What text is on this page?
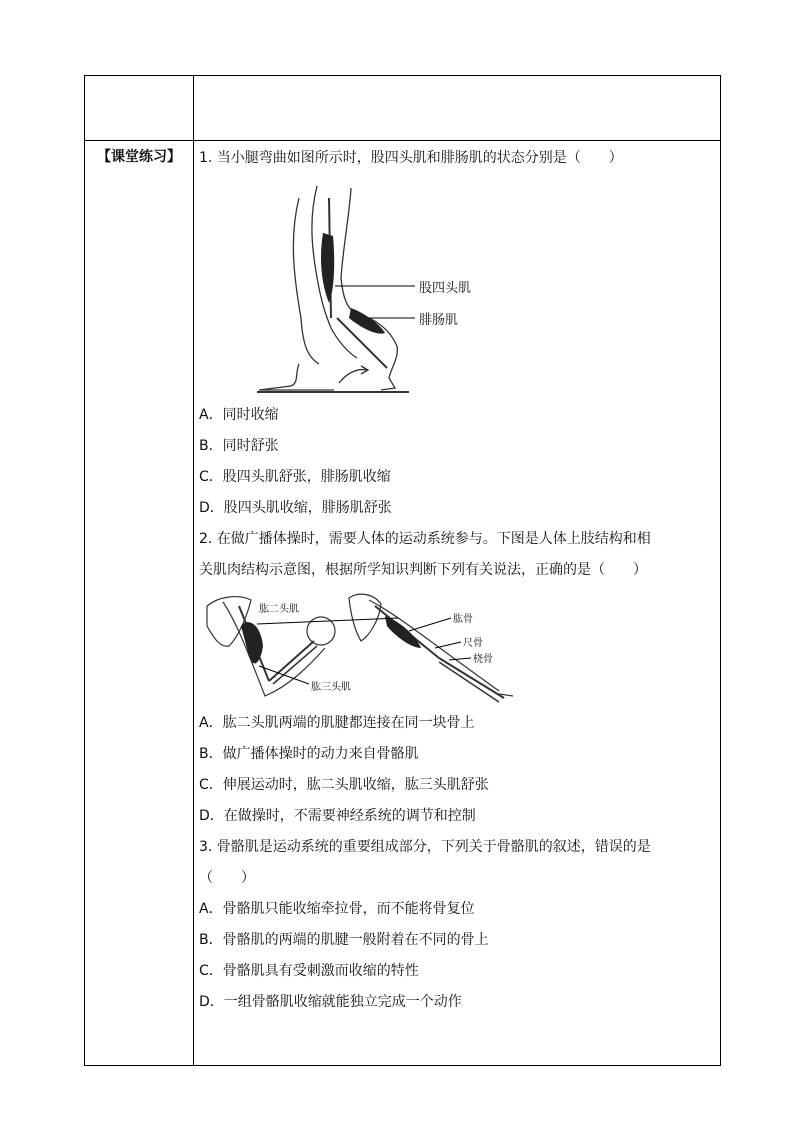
【课堂练习】	1. 当小腿弯曲如图所示时，股四头肌和腓肠肌的状态分别是（　　）
股四头肌
腓肠肌
A．同时收缩
B．同时舒张
C．股四头肌舒张，腓肠肌收缩
D．股四头肌收缩，腓肠肌舒张
2. 在做广播体操时，需要人体的运动系统参与。下图是人体上肢结构和相
关肌肉结构示意图，根据所学知识判断下列有关说法，正确的是（　　）
肱二头肌
肱三头肌
肱骨
尺骨
桡骨
A．肱二头肌两端的肌腱都连接在同一块骨上
B．做广播体操时的动力来自骨骼肌
C．伸展运动时，肱二头肌收缩，肱三头肌舒张
D．在做操时，不需要神经系统的调节和控制
3. 骨骼肌是运动系统的重要组成部分，下列关于骨骼肌的叙述，错误的是
（　　）
A．骨骼肌只能收缩牵拉骨，而不能将骨复位
B．骨骼肌的两端的肌腱一般附着在不同的骨上
C．骨骼肌具有受刺激而收缩的特性
D．一组骨骼肌收缩就能独立完成一个动作
